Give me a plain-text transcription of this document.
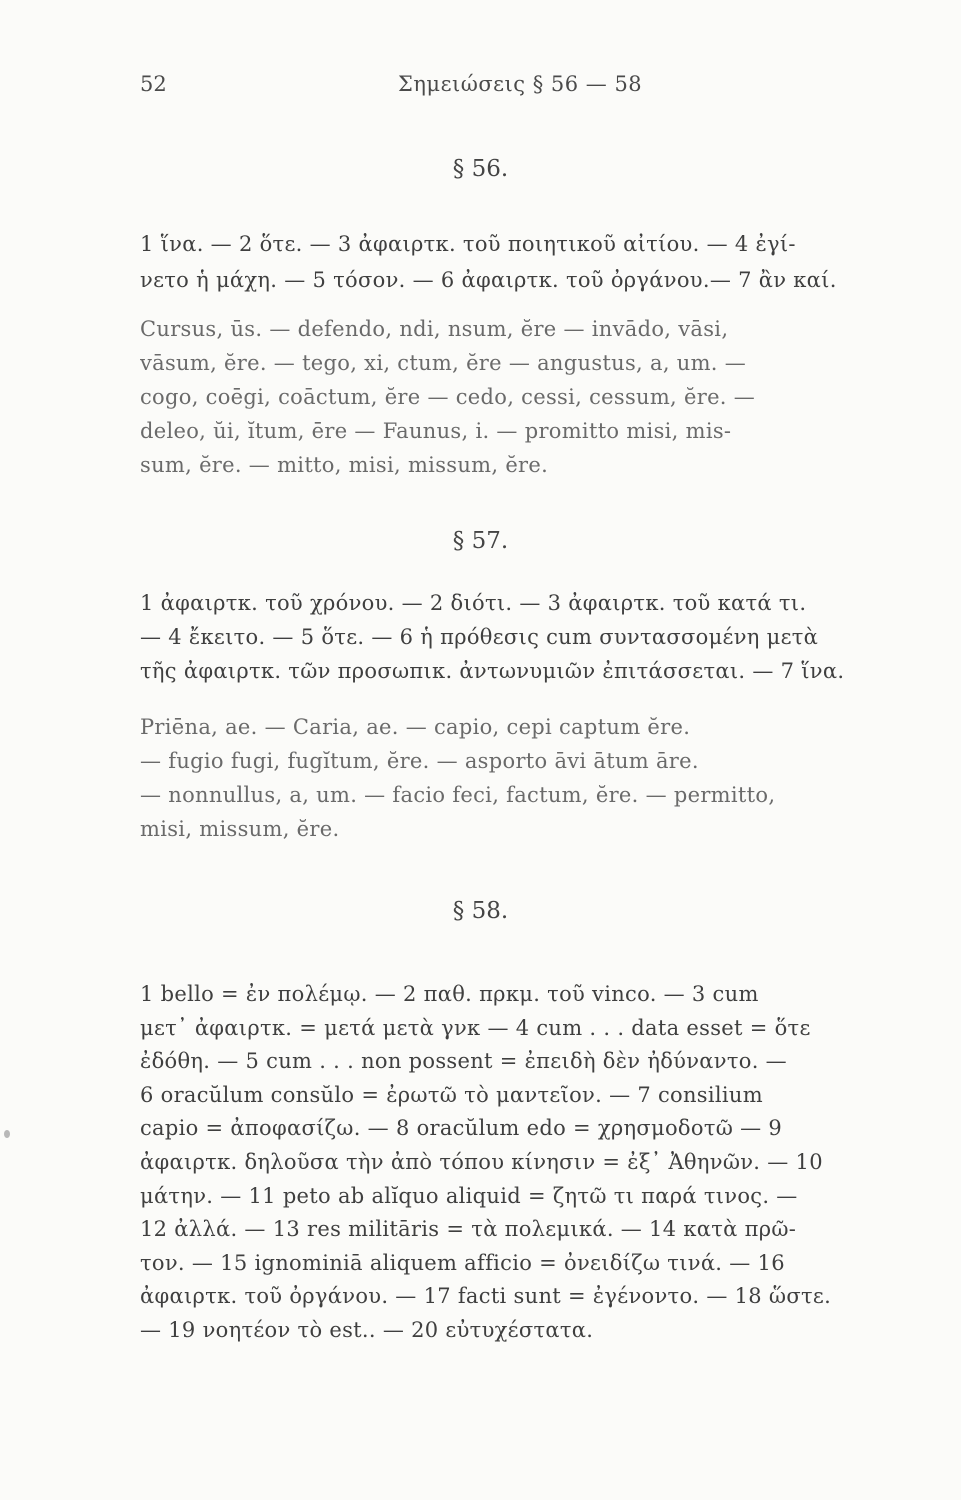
52	Σημειώσεις § 56 — 58
§ 56.

1 ἵνα. — 2 ὅτε. — 3 ἀφαιρτκ. τοῦ ποιητικοῦ αἰτίου. — 4 ἐγί-
νετο ἡ μάχη. — 5 τόσον. — 6 ἀφαιρτκ. τοῦ ὀργάνου.— 7 ἂν καί.

Cursus, ūs. — defendo, ndi, nsum, ĕre — invādo, vāsi,
vāsum, ĕre. — tego, xi, ctum, ĕre — angustus, a, um. —
cogo, coēgi, coāctum, ĕre — cedo, cessi, cessum, ĕre. —
deleo, ŭi, ĭtum, ēre — Faunus, i. — promitto misi, mis-
sum, ĕre. — mitto, misi, missum, ĕre.

§ 57.

1 ἀφαιρτκ. τοῦ χρόνου. — 2 διότι. — 3 ἀφαιρτκ. τοῦ κατά τι.
— 4 ἔκειτο. — 5 ὅτε. — 6 ἡ πρόθεσις cum συντασσομένη μετὰ
τῆς ἀφαιρτκ. τῶν προσωπικ. ἀντωνυμιῶν ἐπιτάσσεται. — 7 ἵνα.

Priēna, ae. — Caria, ae. — capio, cepi captum ĕre.
— fugio fugi, fugĭtum, ĕre. — asporto āvi ātum āre.
— nonnullus, a, um. — facio feci, factum, ĕre. — permitto,
misi, missum, ĕre.

§ 58.

1 bello = ἐν πολέμῳ. — 2 παθ. πρκμ. τοῦ vinco. — 3 cum
μετ᾽ ἀφαιρτκ. = μετά μετὰ γνκ — 4 cum . . . data esset = ὅτε
ἐδόθη. — 5 cum . . . non possent = ἐπειδὴ δὲν ἠδύναντο. —
6 oracŭlum consŭlo = ἐρωτῶ τὸ μαντεῖον. — 7 consilium
capio = ἀποφασίζω. — 8 oracŭlum edo = χρησμοδοτῶ — 9
ἀφαιρτκ. δηλοῦσα τὴν ἀπὸ τόπου κίνησιν = ἐξ᾽ Ἀθηνῶν. — 10
μάτην. — 11 peto ab alĭquo aliquid = ζητῶ τι παρά τινος. —
12 ἀλλά. — 13 res militāris = τὰ πολεμικά. — 14 κατὰ πρῶ-
τον. — 15 ignominiā aliquem afficio = ὀνειδίζω τινά. — 16
ἀφαιρτκ. τοῦ ὀργάνου. — 17 facti sunt = ἐγένοντο. — 18 ὥστε.
— 19 νοητέον τὸ est.. — 20 εὐτυχέστατα.
